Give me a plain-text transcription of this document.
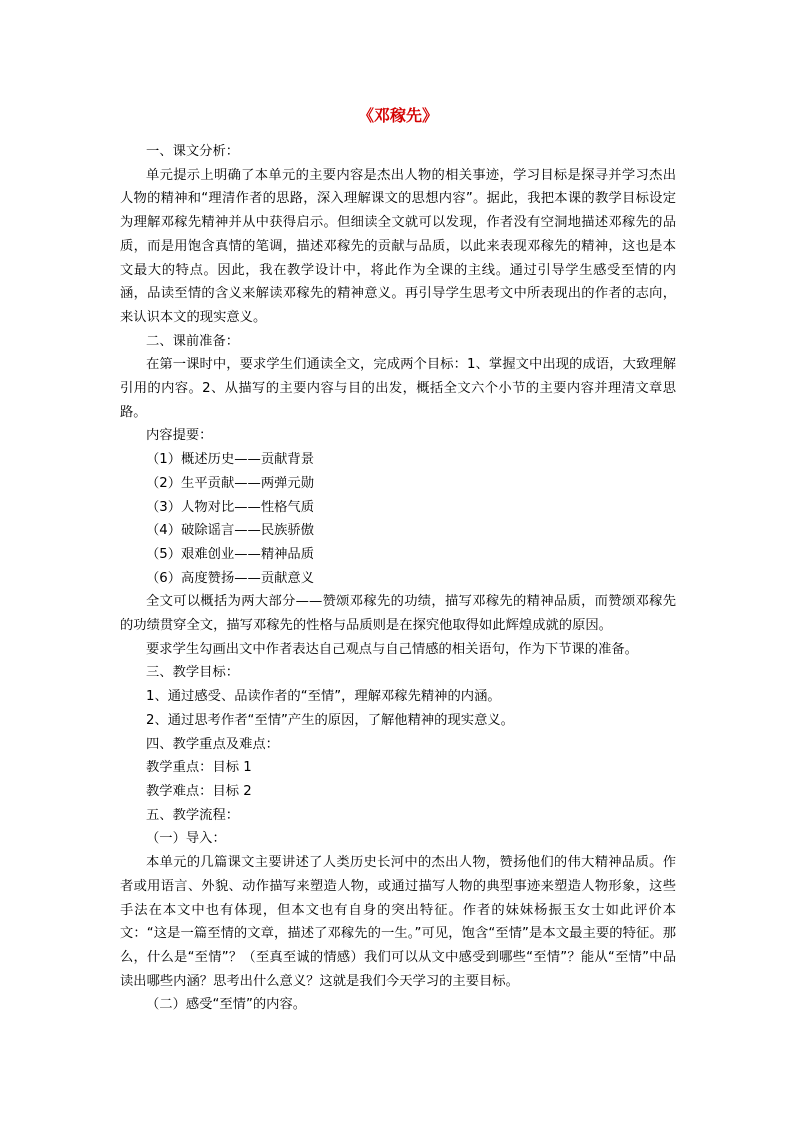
《邓稼先》

一、课文分析：

单元提示上明确了本单元的主要内容是杰出人物的相关事迹，学习目标是探寻并学习杰出人物的精神和“理清作者的思路，深入理解课文的思想内容”。据此，我把本课的教学目标设定为理解邓稼先精神并从中获得启示。但细读全文就可以发现，作者没有空洞地描述邓稼先的品质，而是用饱含真情的笔调，描述邓稼先的贡献与品质，以此来表现邓稼先的精神，这也是本文最大的特点。因此，我在教学设计中，将此作为全课的主线。通过引导学生感受至情的内涵，品读至情的含义来解读邓稼先的精神意义。再引导学生思考文中所表现出的作者的志向，来认识本文的现实意义。

二、课前准备：

在第一课时中，要求学生们通读全文，完成两个目标：1、掌握文中出现的成语，大致理解引用的内容。2、从描写的主要内容与目的出发，概括全文六个小节的主要内容并理清文章思路。

内容提要：

（1）概述历史——贡献背景

（2）生平贡献——两弹元勋

（3）人物对比——性格气质

（4）破除谣言——民族骄傲

（5）艰难创业——精神品质

（6）高度赞扬——贡献意义

全文可以概括为两大部分——赞颂邓稼先的功绩，描写邓稼先的精神品质，而赞颂邓稼先的功绩贯穿全文，描写邓稼先的性格与品质则是在探究他取得如此辉煌成就的原因。

要求学生勾画出文中作者表达自己观点与自己情感的相关语句，作为下节课的准备。

三、教学目标：

1、通过感受、品读作者的“至情”，理解邓稼先精神的内涵。

2、通过思考作者“至情”产生的原因，了解他精神的现实意义。

四、教学重点及难点：

教学重点：目标 1

教学难点：目标 2

五、教学流程：

（一）导入：

本单元的几篇课文主要讲述了人类历史长河中的杰出人物，赞扬他们的伟大精神品质。作者或用语言、外貌、动作描写来塑造人物，或通过描写人物的典型事迹来塑造人物形象，这些手法在本文中也有体现，但本文也有自身的突出特征。作者的妹妹杨振玉女士如此评价本文：“这是一篇至情的文章，描述了邓稼先的一生。”可见，饱含“至情”是本文最主要的特征。那么，什么是“至情”？（至真至诚的情感）我们可以从文中感受到哪些“至情”？能从“至情”中品读出哪些内涵？思考出什么意义？这就是我们今天学习的主要目标。

（二）感受“至情”的内容。
